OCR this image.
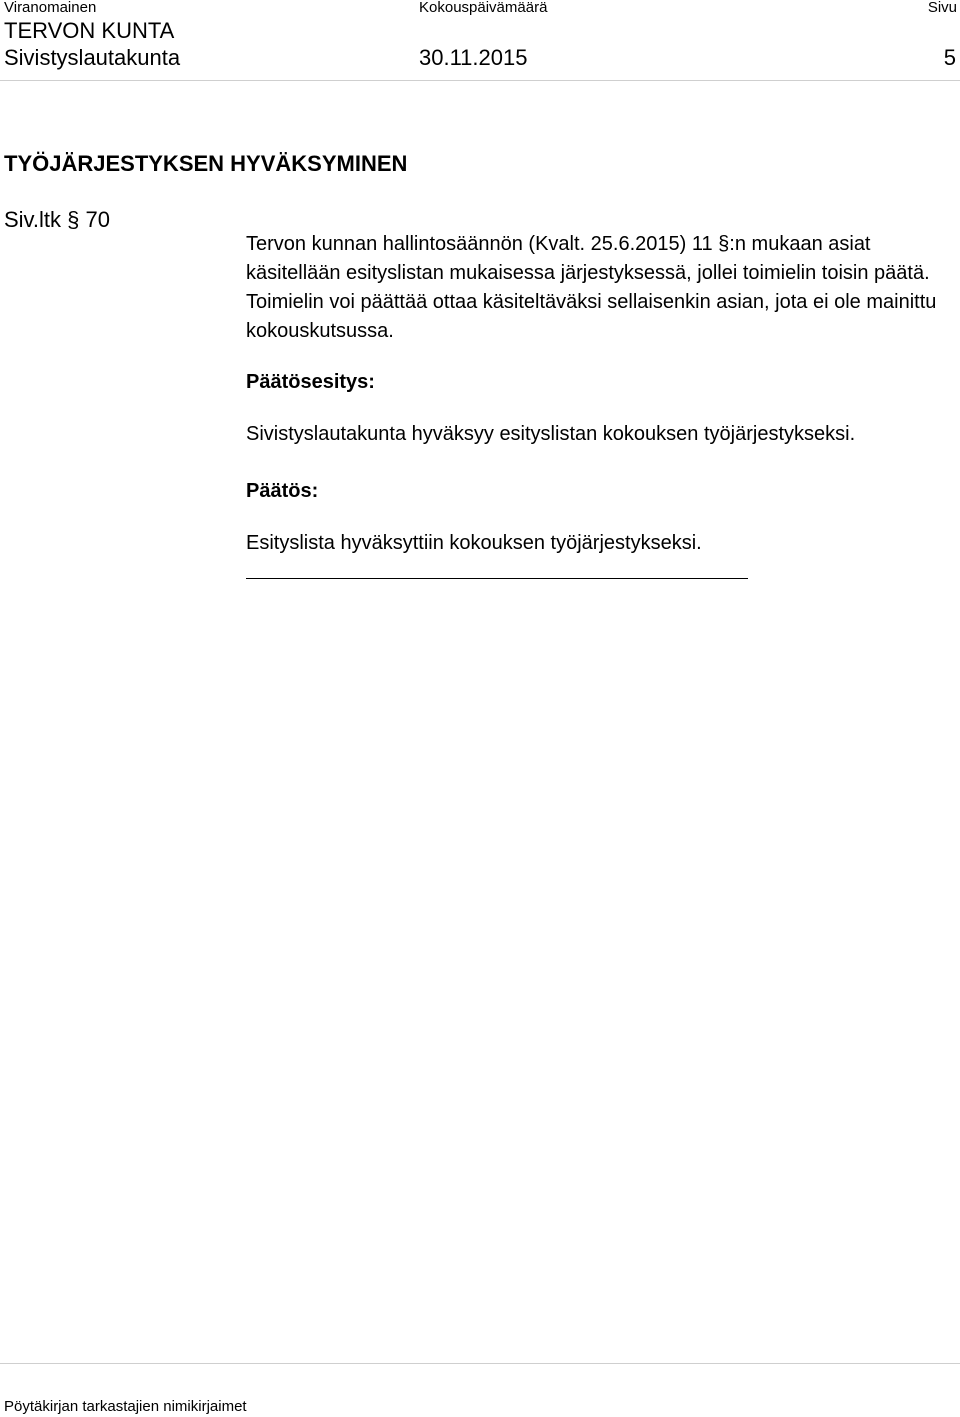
Viranomainen	Kokouspäivämäärä	Sivu
TERVON KUNTA
Sivistyslautakunta	30.11.2015	5
TYÖJÄRJESTYKSEN HYVÄKSYMINEN
Siv.ltk § 70
Tervon kunnan hallintosäännön (Kvalt. 25.6.2015) 11 §:n mukaan asiat käsitellään esityslistan mukaisessa järjestyksessä, jollei toimielin toisin päätä. Toimielin voi päättää ottaa käsiteltäväksi sellaisenkin asian, jota ei ole mainittu kokouskutsussa.
Päätösesitys:
Sivistyslautakunta hyväksyy esityslistan kokouksen työjärjestykseksi.
Päätös:
Esityslista hyväksyttiin kokouksen työjärjestykseksi.
Pöytäkirjan tarkastajien nimikirjaimet
